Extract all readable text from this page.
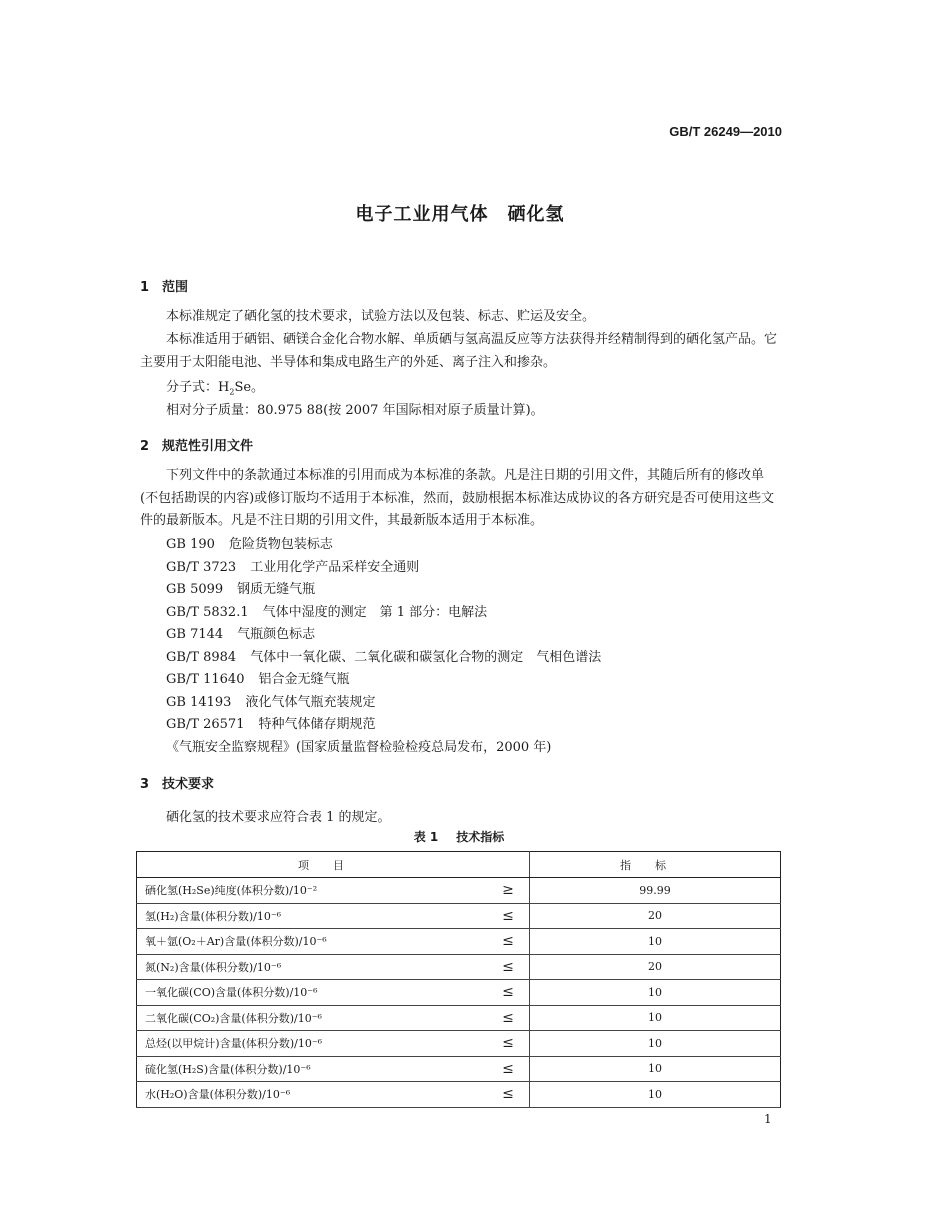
GB/T 26249—2010
电子工业用气体　硒化氢
1 范围

本标准规定了硒化氢的技术要求，试验方法以及包装、标志、贮运及安全。

本标准适用于硒铝、硒镁合金化合物水解、单质硒与氢高温反应等方法获得并经精制得到的硒化氢产品。它主要用于太阳能电池、半导体和集成电路生产的外延、离子注入和掺杂。

分子式：$H_2Se$。
相对分子质量：80.975 88(按 2007 年国际相对原子质量计算)。
2 规范性引用文件

下列文件中的条款通过本标准的引用而成为本标准的条款。凡是注日期的引用文件，其随后所有的修改单(不包括勘误的内容)或修订版均不适用于本标准，然而，鼓励根据本标准达成协议的各方研究是否可使用这些文件的最新版本。凡是不注日期的引用文件，其最新版本适用于本标准。

GB 190 危险货物包装标志
GB/T 3723 工业用化学产品采样安全通则
GB 5099 钢质无缝气瓶
GB/T 5832.1 气体中湿度的测定　第 1 部分：电解法
GB 7144 气瓶颜色标志
GB/T 8984 气体中一氧化碳、二氧化碳和碳氢化合物的测定　气相色谱法
GB/T 11640 铝合金无缝气瓶
GB 14193 液化气体气瓶充装规定
GB/T 26571 特种气体储存期规范
《气瓶安全监察规程》(国家质量监督检验检疫总局发布，2000 年)
3 技术要求
硒化氢的技术要求应符合表 1 的规定。
表 1 技术指标
项目		指标
硒化氢(H₂Se)纯度(体积分数)/10⁻²	≥	99.99
氢(H₂)含量(体积分数)/10⁻⁶	≤	20
氧＋氩(O₂＋Ar)含量(体积分数)/10⁻⁶	≤	10
氮(N₂)含量(体积分数)/10⁻⁶	≤	20
一氧化碳(CO)含量(体积分数)/10⁻⁶	≤	10
二氧化碳(CO₂)含量(体积分数)/10⁻⁶	≤	10
总烃(以甲烷计)含量(体积分数)/10⁻⁶	≤	10
硫化氢(H₂S)含量(体积分数)/10⁻⁶	≤	10
水(H₂O)含量(体积分数)/10⁻⁶	≤	10
1
